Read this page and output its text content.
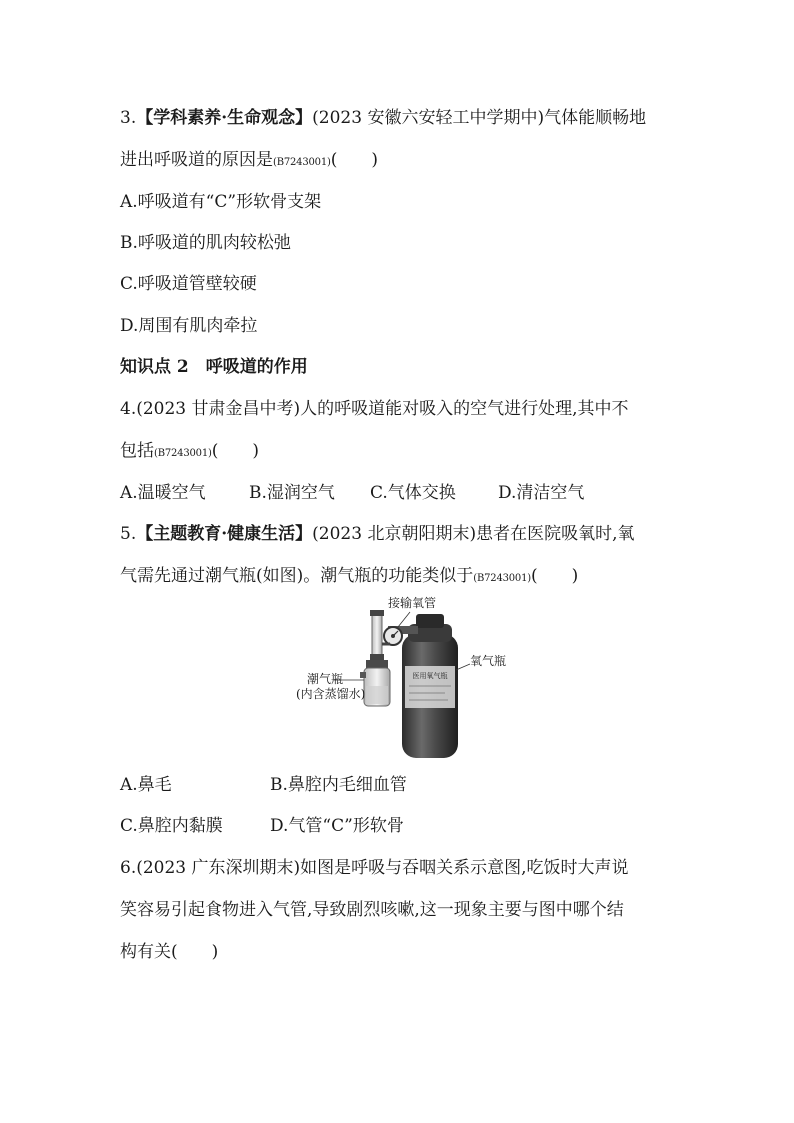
3.【学科素养·生命观念】(2023 安徽六安轻工中学期中)气体能顺畅地
进出呼吸道的原因是(B7243001)(　　)
A.呼吸道有“C”形软骨支架
B.呼吸道的肌肉较松弛
C.呼吸道管壁较硬
D.周围有肌肉牵拉
知识点 2　呼吸道的作用
4.(2023 甘肃金昌中考)人的呼吸道能对吸入的空气进行处理,其中不
包括(B7243001)(　　)
A.温暖空气	B.湿润空气 C.气体交换 D.清洁空气
5.【主题教育·健康生活】(2023 北京朝阳期末)患者在医院吸氧时,氧
气需先通过潮气瓶(如图)。潮气瓶的功能类似于(B7243001)(　　)
医用氧气瓶
接输氧管
氧气瓶
潮气瓶
(内含蒸馏水)
A.鼻毛	B.鼻腔内毛细血管
C.鼻腔内黏膜	D.气管“C”形软骨
6.(2023 广东深圳期末)如图是呼吸与吞咽关系示意图,吃饭时大声说
笑容易引起食物进入气管,导致剧烈咳嗽,这一现象主要与图中哪个结
构有关(　　)
